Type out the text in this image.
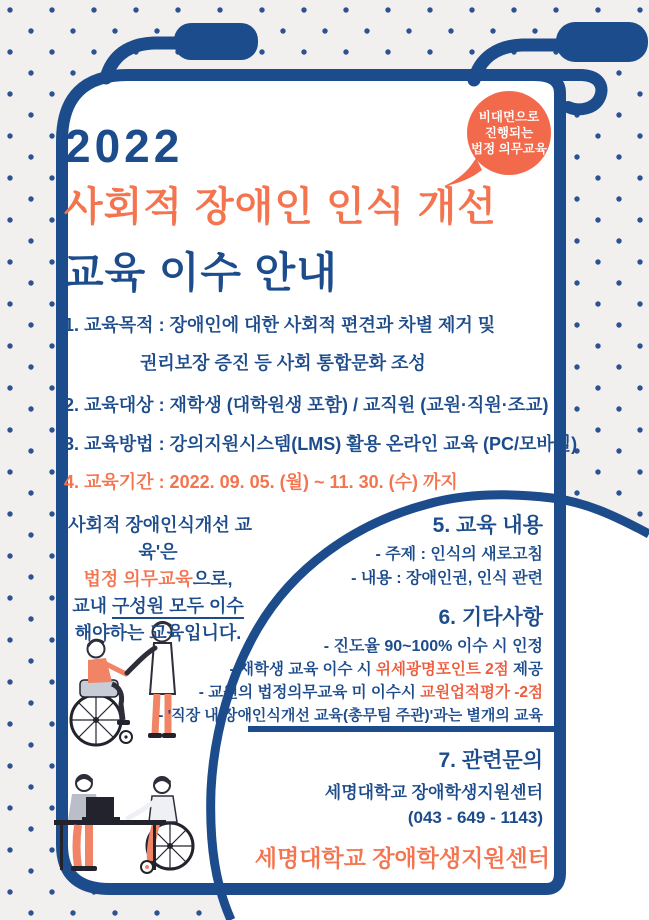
비대면으로
진행되는
법정 의무교육
2022
사회적 장애인 인식 개선
교육 이수 안내
1. 교육목적 : 장애인에 대한 사회적 편견과 차별 제거 및
권리보장 증진 등 사회 통합문화 조성
2. 교육대상 : 재학생 (대학원생 포함) / 교직원 (교원·직원·조교)
3. 교육방법 : 강의지원시스템(LMS) 활용 온라인 교육 (PC/모바일)
4. 교육기간 : 2022. 09. 05. (월) ~ 11. 30. (수) 까지
'사회적 장애인식개선 교육'은
법정 의무교육으로,
교내 구성원 모두 이수
해야하는 교육입니다.
5. 교육 내용
- 주제 : 인식의 새로고침
- 내용 : 장애인권, 인식 관련
6. 기타사항
- 진도율 90~100% 이수 시 인정
- 재학생 교육 이수 시 위세광명포인트 2점 제공
- 교원의 법정의무교육 미 이수시 교원업적평가 -2점
- '직장 내 장애인식개선 교육(총무팀 주관)'과는 별개의 교육
7. 관련문의
세명대학교 장애학생지원센터
(043 - 649 - 1143)
세명대학교 장애학생지원센터
